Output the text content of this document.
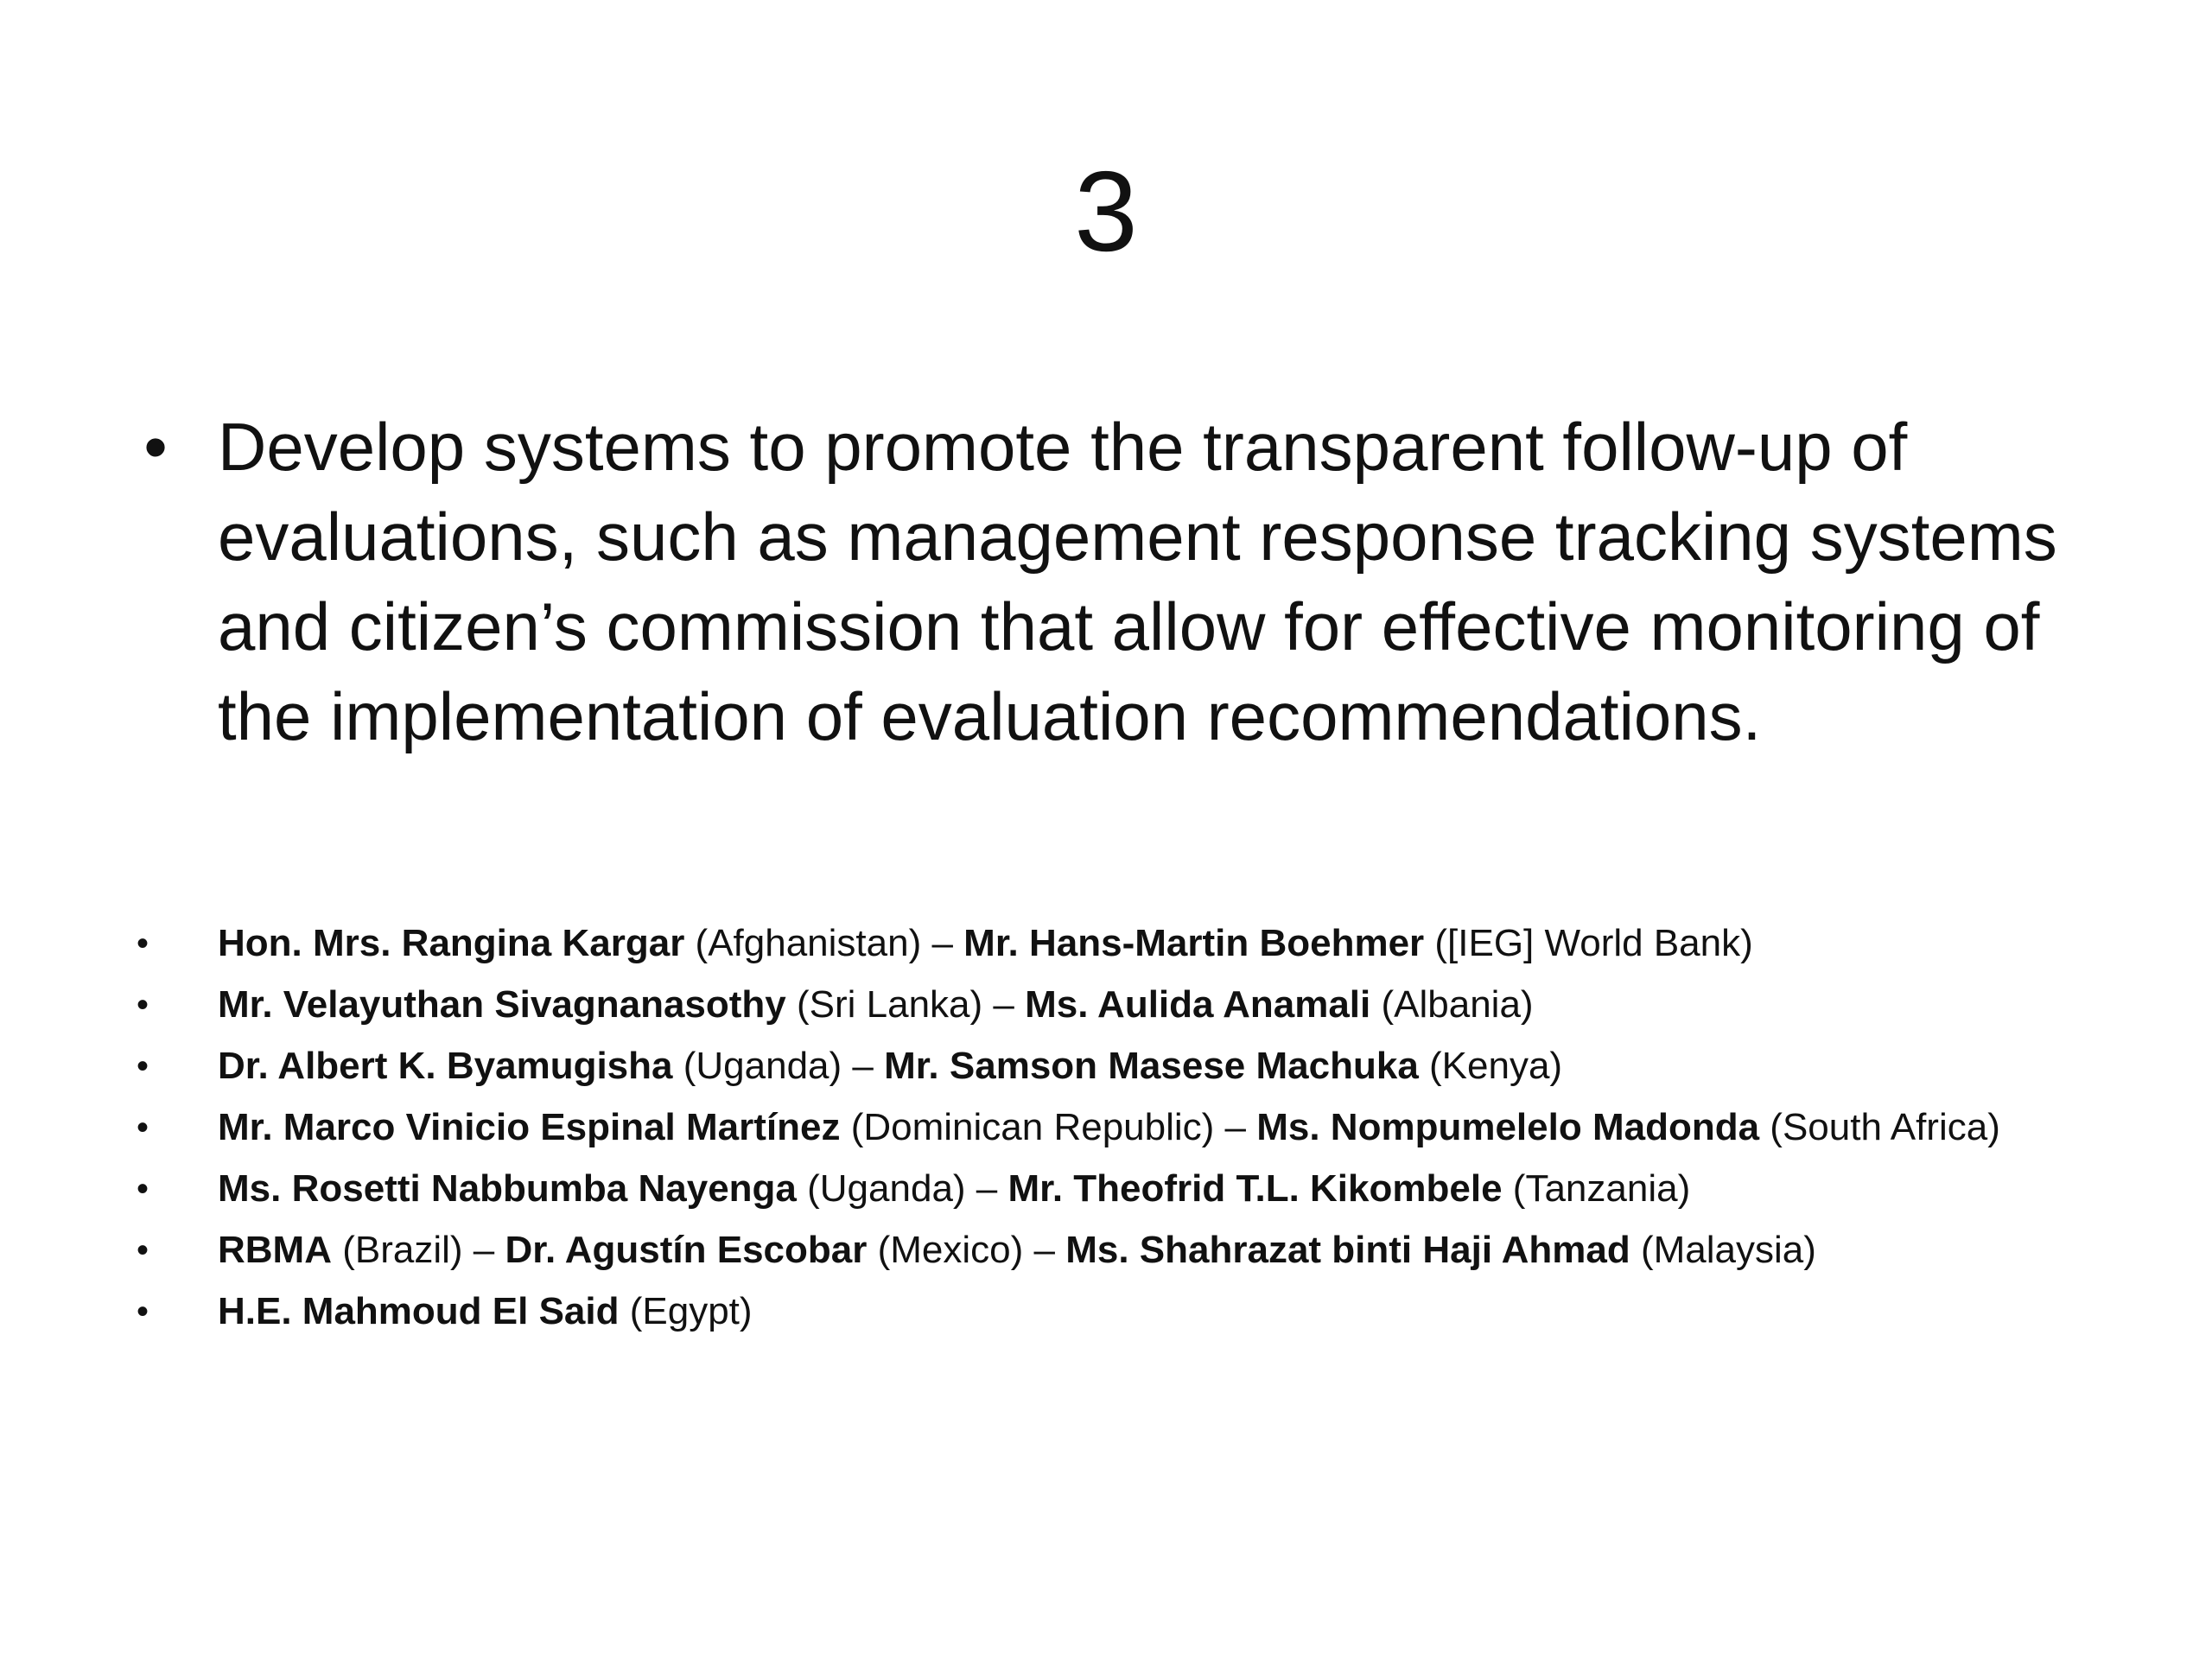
3
• Develop systems to promote the transparent follow-up of evaluations, such as management response tracking systems and citizen’s commission that allow for effective monitoring of the implementation of evaluation recommendations.
• Hon. Mrs. Rangina Kargar (Afghanistan) – Mr. Hans-Martin Boehmer ([IEG] World Bank)
• Mr. Velayuthan Sivagnanasothy (Sri Lanka) – Ms. Aulida Anamali (Albania)
• Dr. Albert K. Byamugisha (Uganda) – Mr. Samson Masese Machuka (Kenya)
• Mr. Marco Vinicio Espinal Martínez (Dominican Republic) – Ms. Nompumelelo Madonda (South Africa)
• Ms. Rosetti Nabbumba Nayenga (Uganda) – Mr. Theofrid T.L. Kikombele (Tanzania)
• RBMA (Brazil) – Dr. Agustín Escobar (Mexico) – Ms. Shahrazat binti Haji Ahmad (Malaysia)
• H.E. Mahmoud El Said (Egypt)
